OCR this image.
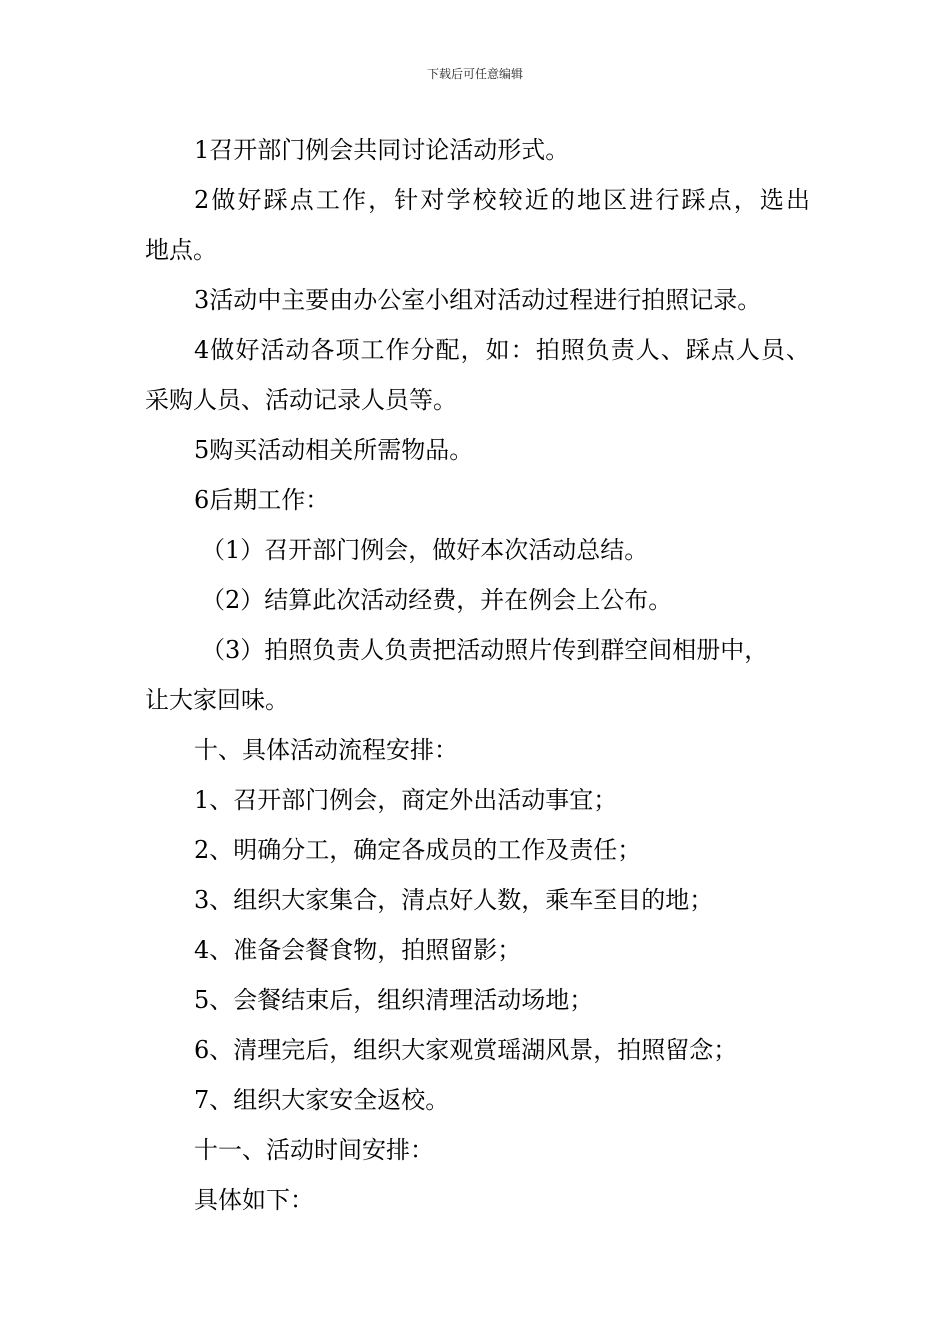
下载后可任意编辑
1召开部门例会共同讨论活动形式。
2做好踩点工作，针对学校较近的地区进行踩点，选出
地点。
3活动中主要由办公室小组对活动过程进行拍照记录。
4做好活动各项工作分配，如：拍照负责人、踩点人员、
采购人员、活动记录人员等。
5购买活动相关所需物品。
6后期工作：
（1）召开部门例会，做好本次活动总结。
（2）结算此次活动经费，并在例会上公布。
（3）拍照负责人负责把活动照片传到群空间相册中，
让大家回味。
十、具体活动流程安排：
1、召开部门例会，商定外出活动事宜；
2、明确分工，确定各成员的工作及责任；
3、组织大家集合，清点好人数，乘车至目的地；
4、准备会餐食物，拍照留影；
5、会餐结束后，组织清理活动场地；
6、清理完后，组织大家观赏瑶湖风景，拍照留念；
7、组织大家安全返校。
十一、活动时间安排：
具体如下：
